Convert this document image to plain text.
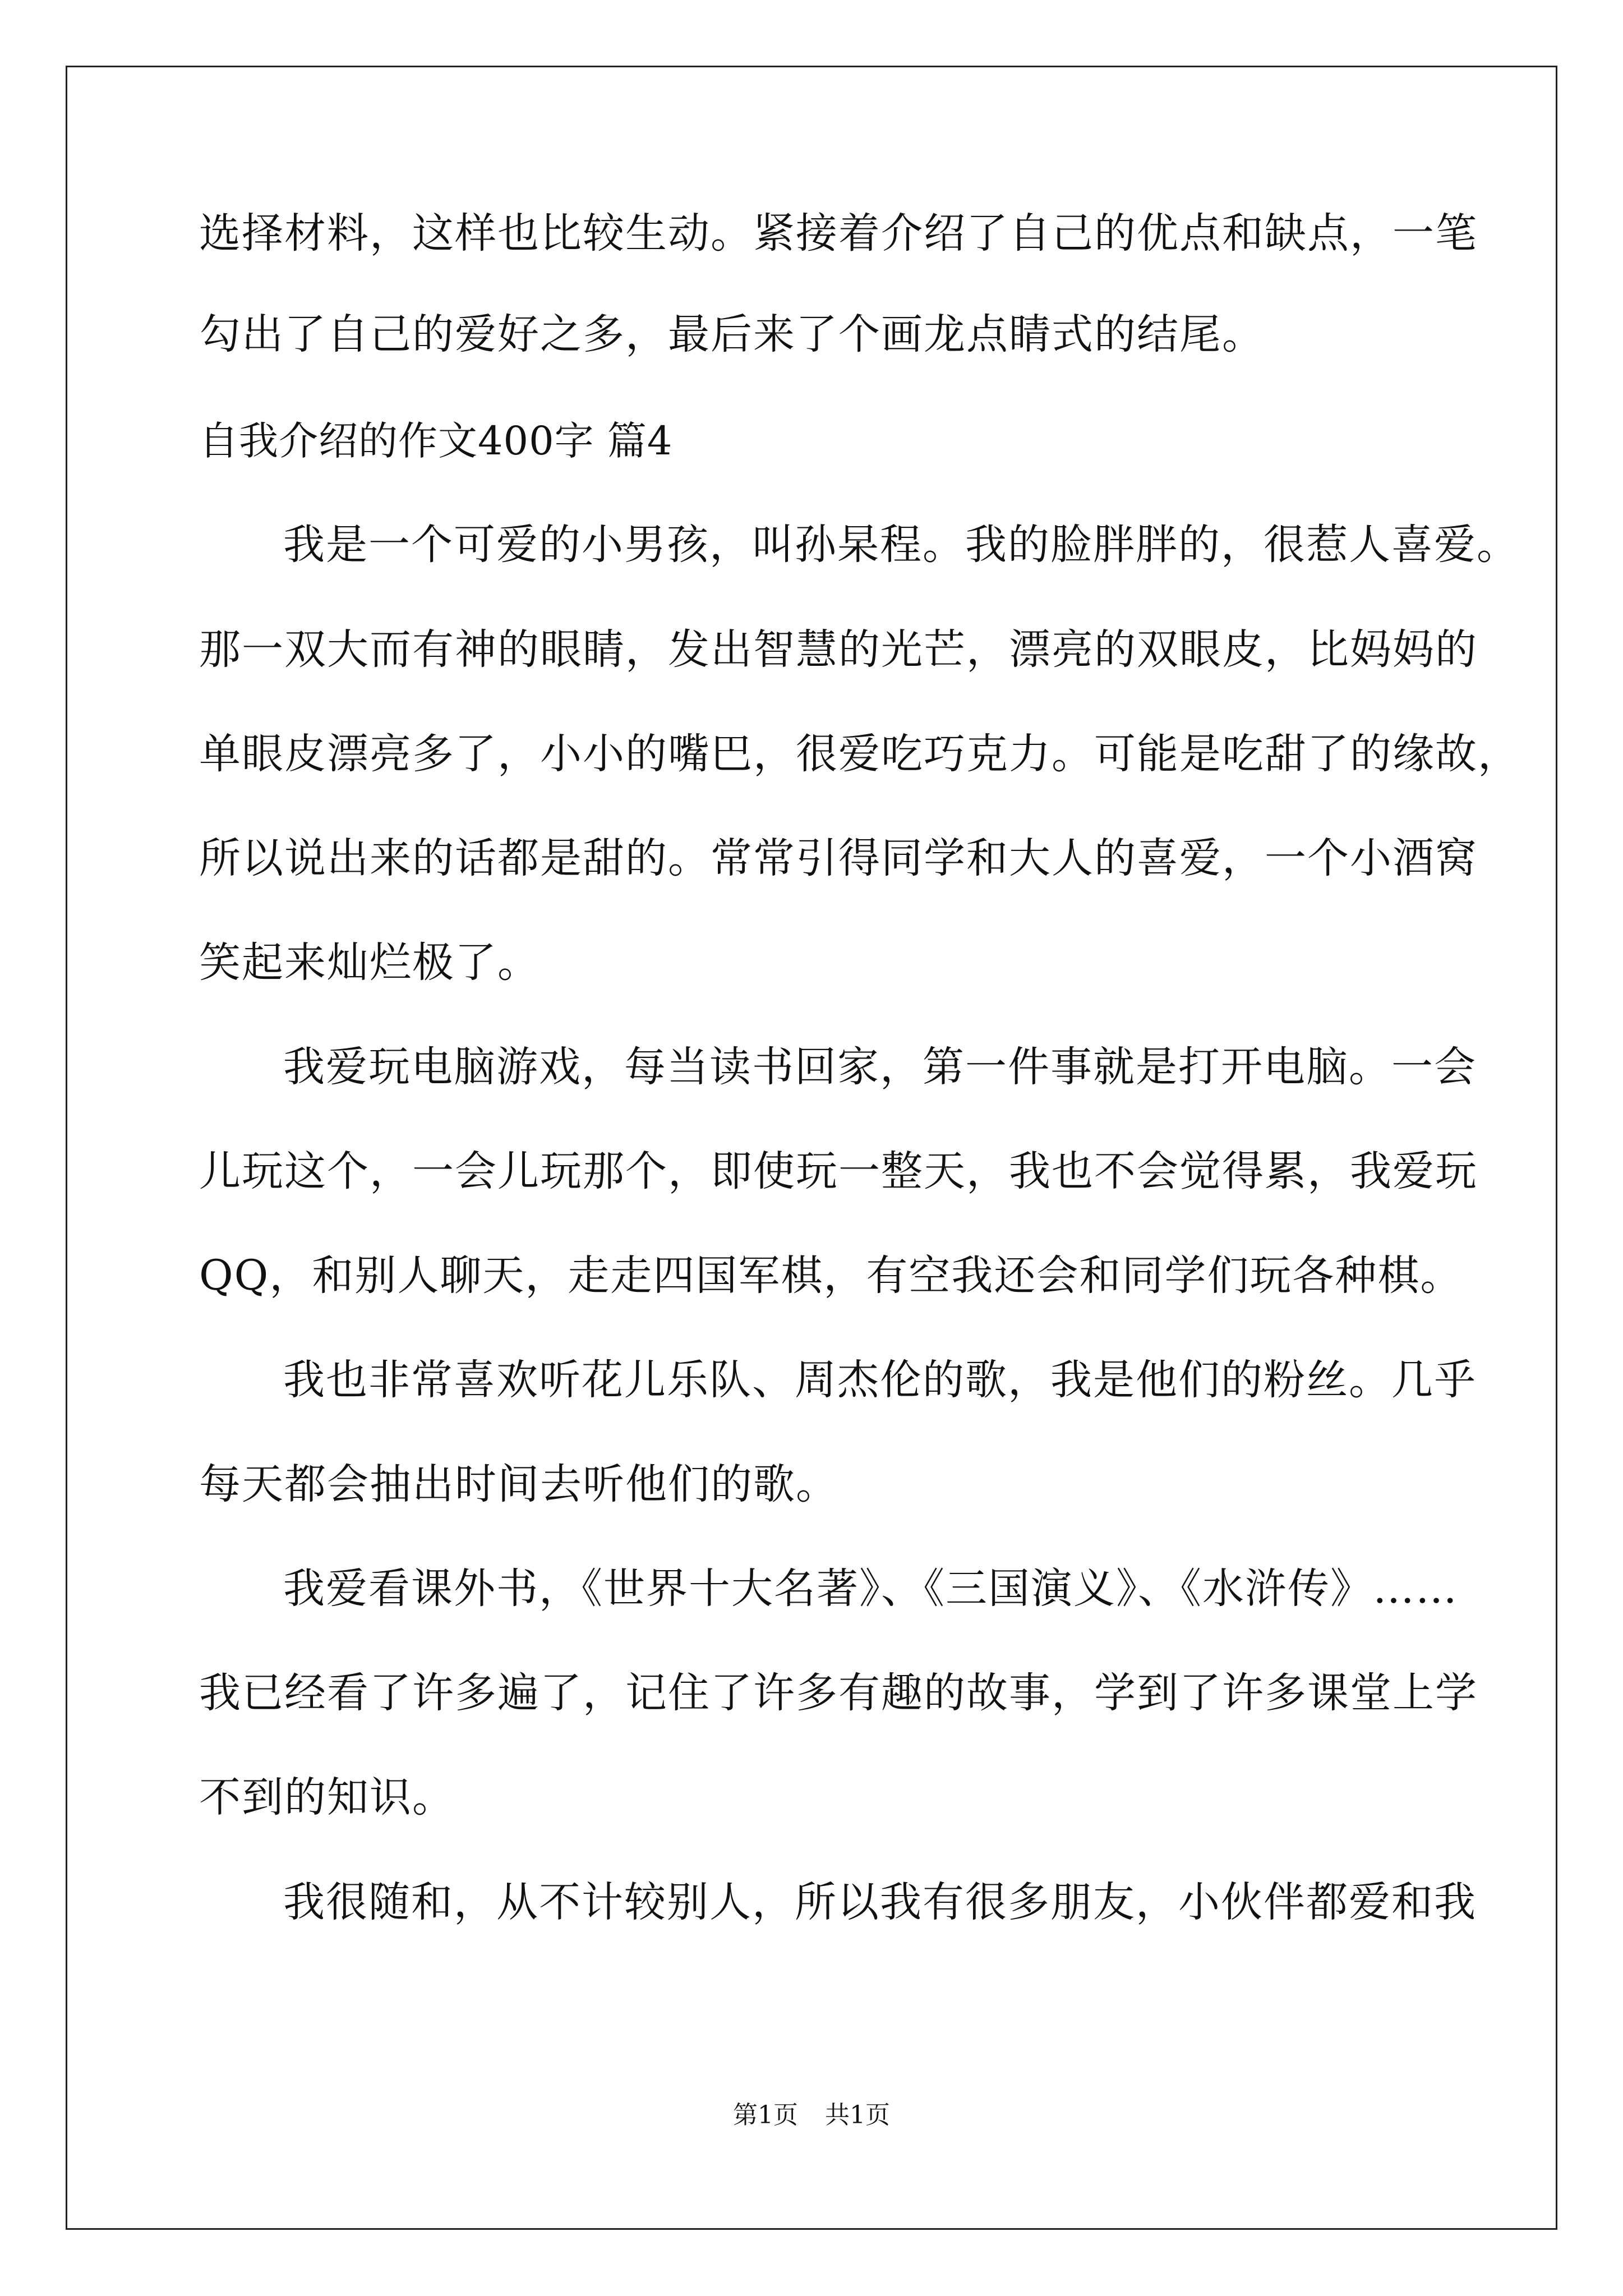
选择材料，这样也比较生动。紧接着介绍了自己的优点和缺点，一笔
勾出了自己的爱好之多，最后来了个画龙点睛式的结尾。
自我介绍的作文400字 篇4
我是一个可爱的小男孩，叫孙杲程。我的脸胖胖的，很惹人喜爱。
那一双大而有神的眼睛，发出智慧的光芒，漂亮的双眼皮，比妈妈的
单眼皮漂亮多了，小小的嘴巴，很爱吃巧克力。可能是吃甜了的缘故，
所以说出来的话都是甜的。常常引得同学和大人的喜爱，一个小酒窝
笑起来灿烂极了。
我爱玩电脑游戏，每当读书回家，第一件事就是打开电脑。一会
儿玩这个，一会儿玩那个，即使玩一整天，我也不会觉得累，我爱玩
QQ，和别人聊天，走走四国军棋，有空我还会和同学们玩各种棋。
我也非常喜欢听花儿乐队、周杰伦的歌，我是他们的粉丝。几乎
每天都会抽出时间去听他们的歌。
我爱看课外书，《世界十大名著》、《三国演义》、《水浒传》……
我已经看了许多遍了，记住了许多有趣的故事，学到了许多课堂上学
不到的知识。
我很随和，从不计较别人，所以我有很多朋友，小伙伴都爱和我
第1页 共1页
